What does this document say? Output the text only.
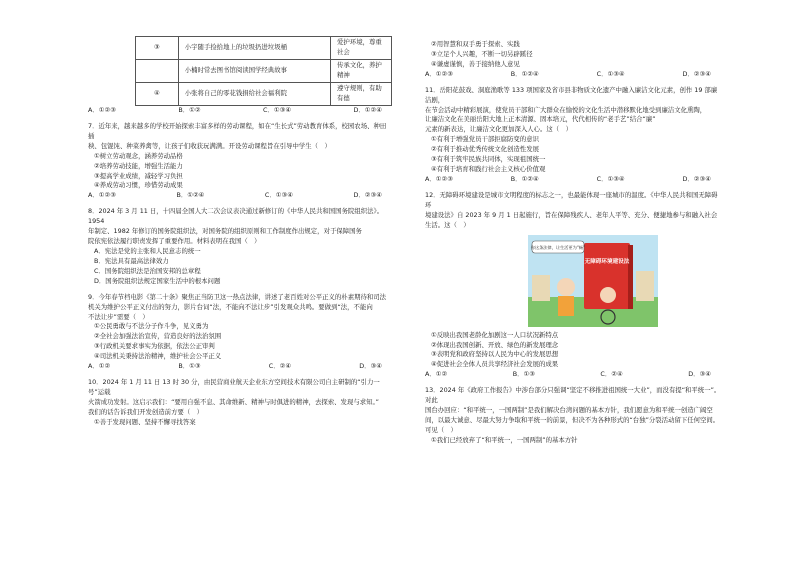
③	小宇随手捡拾地上的垃圾扔进垃圾桶	爱护环境，尊重社会
	小楠时常去图书馆阅读国学经典故事	传承文化，养护精神
④	小张将自己的零花钱捐给社会福利院	遵守规则，有助有德
A．①②③	B．①②	C．①③④	D．①②④
7．近年来，越来越多的学校开始探索丰富多样的劳动课程，如在“生长式”劳动教育体系，校园农场、种田插
秧、包馄饨、种菜养禽等，让孩子们收获玩满满。开设劳动课程旨在引导中学生（　）
①树立劳动观念，涵养劳动品格
②培养劳动技能，增强生活能力
③提高学业成绩，减轻学习负担
④养成劳动习惯，珍惜劳动成果
A．①②③	B．①②④	C．①③④	D．②③④
8．2024 年 3 月 11 日，十四届全国人大二次会议表决通过新修订的《中华人民共和国国务院组织法》。1954
年制定、1982 年修订的国务院组织法，对国务院的组织原则和工作制度作出规定，对于保障国务
院依宪依法履行职责发挥了重要作用。材料表明在我国（　）
A．宪法是党的主张和人民意志的统一
B．宪法具有最高法律效力
C．国务院组织法是治国安邦的总章程
D．国务院组织法规定国家生活中的根本问题
9．今年春节档电影《第二十条》聚焦正当防卫这一热点法律，讲述了老百姓对公平正义的朴素期待和司法
机关为维护公平正义付出的努力，影片台词“法，不能向不法让步”引发观众共鸣。要做到“法，不能向
不法让步”需要（　）
①公民勇敢与不法分子作斗争，见义勇为
②全社会加强法治宣传，营造良好的法治氛围
③行政机关要求事实为依据，依法公正审判
④司法机关秉持法治精神，维护社会公平正义
A．①②	B．①③	C．②④	D．③④
10．2024 年 1 月 11 日 13 时 30 分，由民营商业航天企业东方空间技术有限公司自主研制的“引力一号”运载
火箭成功发射。这启示我们：“要用自强不息、其命维新、精神与时俱进的精神，去探索、发现与求知。”
我们的话告诉我们开发创造前方要（　）
①善于发现问题、坚持不懈寻找答案
②用智慧和双手勇于探索、实践
③立足个人兴趣，不断一切另辟蹊径
④谦虚谨慎，善于接纳他人意见
A．①②③	B．①②④	C．①③④	D．②③④
11．岳阳花鼓戏、洞庭渔歌等 133 项国家及省市县非物质文化遗产中融入廉洁文化元素，创作 19 部廉洁剧，
在节会活动中精彩展演，使党员干部和广大群众在愉悦的文化生活中潜移默化地受到廉洁文化熏陶，
让廉洁文化在美丽岳阳大地上正本清源、固本培元，代代相传的“老手艺”结合“廉”
元素的新表达，让廉洁文化更加深入人心。这（　）
①有利于增强党员干部拒腐防变的意识
②有利于推动优秀传统文化创造性发展
③有利于筑牢民族共同体，实现祖国统一
④有利于培育和践行社会主义核心价值观
A．①②③	B．①②④	C．①③④	D．②③④
12．无障碍环境建设是城市文明程度的标志之一，也最能体现一座城市的温度。《中华人民共和国无障碍环
境建设法》自 2023 年 9 月 1 日起施行，旨在保障残疾人、老年人平等、充分、便捷地参与和融入社会
生活。这（　）
你这条法律，让生活更为“畅”
无障碍环境建设法
①反映出我国老龄化加剧这一人口状况新特点
②体现出我国创新、开放、绿色的新发展理念
③表明党和政府坚持以人民为中心的发展思想
④促进社会全体人员共享经济社会发展的成果
A．①②	B．①③	C．②④	D．③④
13．2024 年《政府工作报告》中涉台部分只强调“坚定不移推进祖国统一大业”，而没有提“和平统一”。对此
国台办回应：“和平统一，一国两制”是我们解决台湾问题的基本方针，我们愿意为和平统一创造广阔空
间，以最大诚意、尽最大努力争取和平统一的前景，但决不为各种形式的“台独”分裂活动留下任何空间。可见（　）
①我们已经放弃了“和平统一，一国两制”的基本方针
